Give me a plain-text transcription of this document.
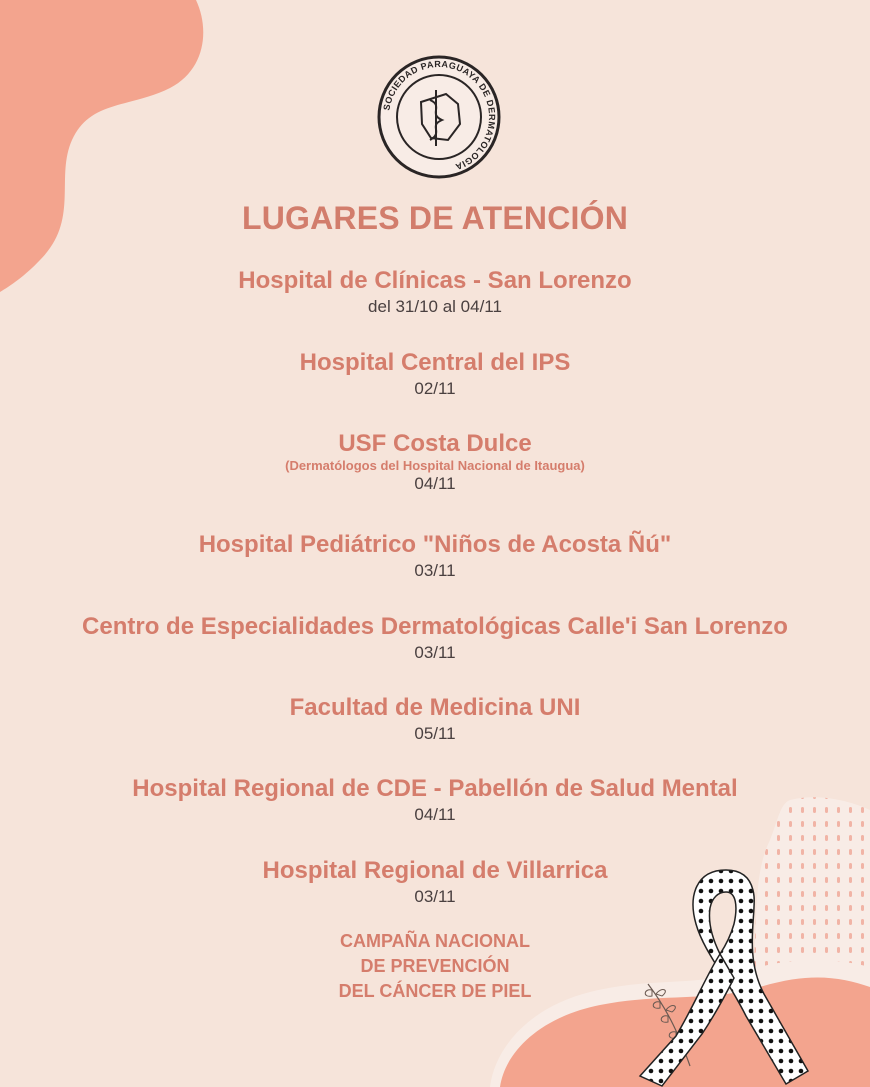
SOCIEDAD PARAGUAYA DE DERMATOLOGIA
LUGARES DE ATENCIÓN
Hospital de Clínicas - San Lorenzo
del 31/10 al 04/11
Hospital Central del IPS
02/11
USF Costa Dulce
(Dermatólogos del Hospital Nacional de Itaugua)
04/11
Hospital Pediátrico "Niños de Acosta Ñú"
03/11
Centro de Especialidades Dermatológicas Calle'i San Lorenzo
03/11
Facultad de Medicina UNI
05/11
Hospital Regional de CDE - Pabellón de Salud Mental
04/11
Hospital Regional de Villarrica
03/11
CAMPAÑA NACIONAL
DE PREVENCIÓN
DEL CÁNCER DE PIEL
